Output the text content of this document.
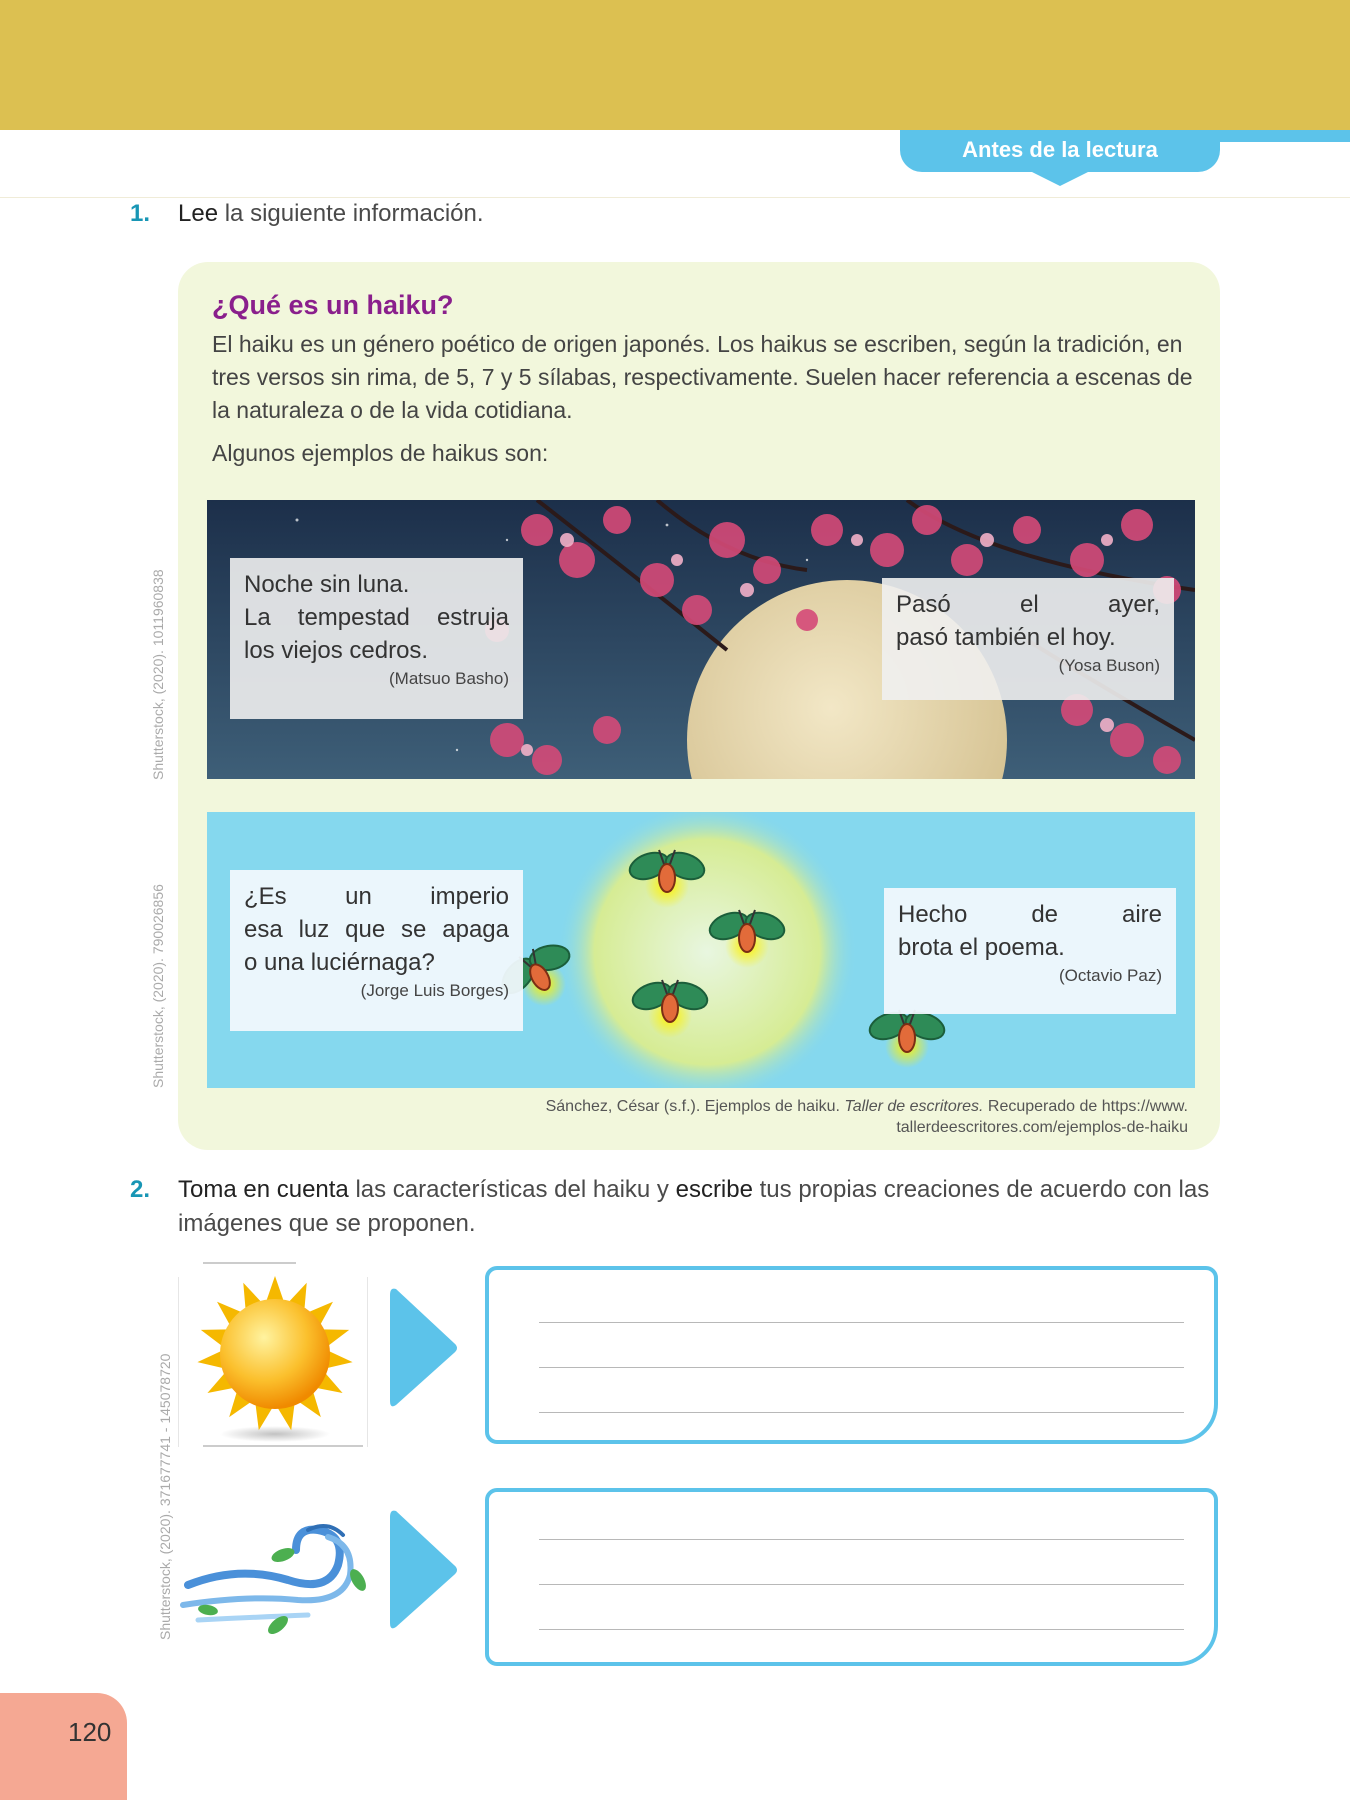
Antes de la lectura
1. Lee la siguiente información.
¿Qué es un haiku?
El haiku es un género poético de origen japonés. Los haikus se escriben, según la tradición, en tres versos sin rima, de 5, 7 y 5 sílabas, respectivamente. Suelen hacer referencia a escenas de la naturaleza o de la vida cotidiana.
Algunos ejemplos de haikus son:
Noche sin luna.
La tempestad estruja
los viejos cedros.
(Matsuo Basho)
Pasó el ayer,
pasó también el hoy.
(Yosa Buson)
¿Es un imperio
esa luz que se apaga
o una luciérnaga?
(Jorge Luis Borges)
Hecho de aire
brota el poema.
(Octavio Paz)
Sánchez, César (s.f.). Ejemplos de haiku. Taller de escritores. Recuperado de https://www.
tallerdeescritores.com/ejemplos-de-haiku
Shutterstock, (2020). 1011960838
Shutterstock, (2020). 790026856
Shutterstock, (2020). 371677741 - 145078720
2. Toma en cuenta las características del haiku y escribe tus propias creaciones de acuerdo con las
imágenes que se proponen.
120
